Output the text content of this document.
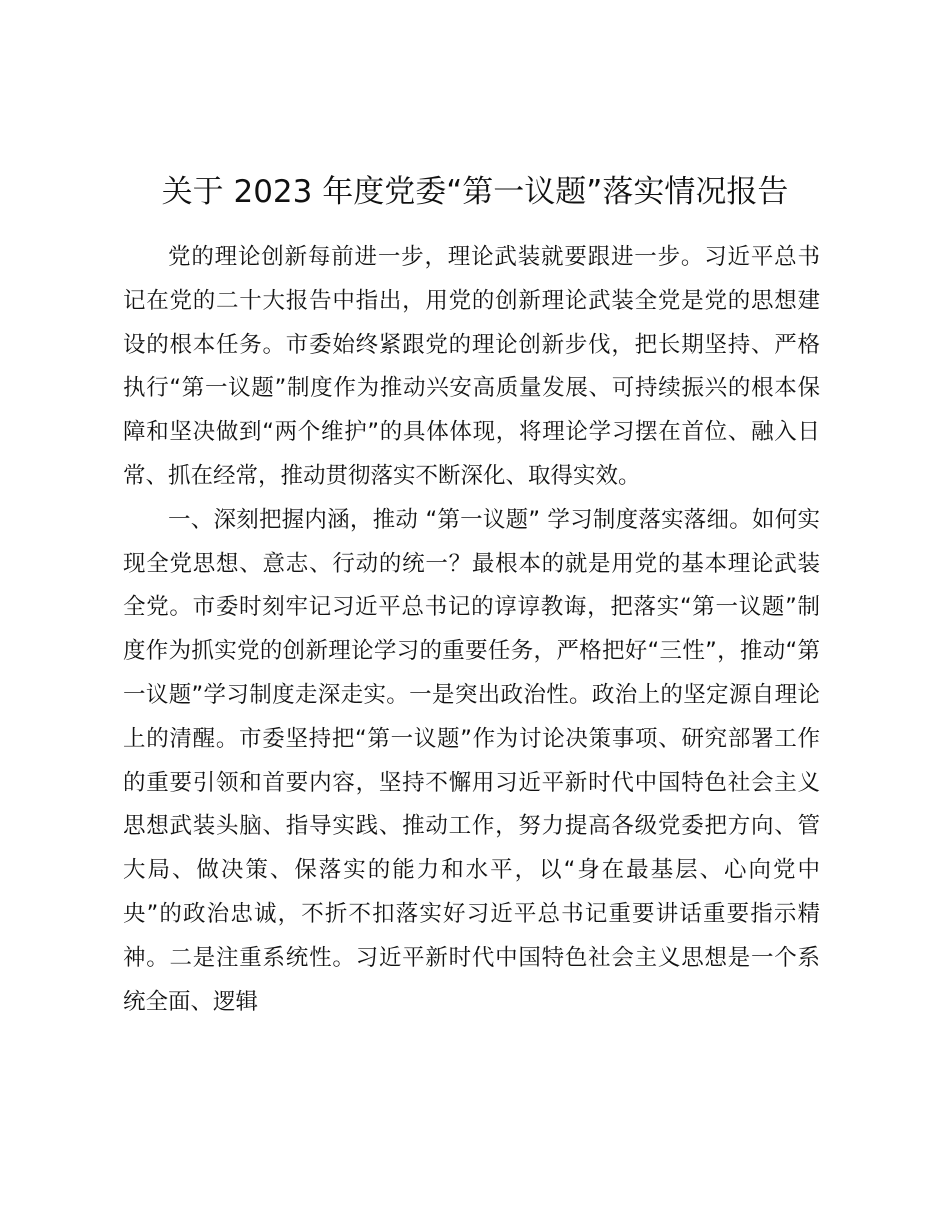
关于 2023 年度党委“第一议题”落实情况报告

党的理论创新每前进一步，理论武装就要跟进一步。习近平总书记在党的二十大报告中指出，用党的创新理论武装全党是党的思想建设的根本任务。市委始终紧跟党的理论创新步伐，把长期坚持、严格执行“第一议题”制度作为推动兴安高质量发展、可持续振兴的根本保障和坚决做到“两个维护”的具体体现，将理论学习摆在首位、融入日常、抓在经常，推动贯彻落实不断深化、取得实效。

一、深刻把握内涵，推动 “第一议题” 学习制度落实落细。如何实现全党思想、意志、行动的统一？最根本的就是用党的基本理论武装全党。市委时刻牢记习近平总书记的谆谆教诲，把落实“第一议题”制度作为抓实党的创新理论学习的重要任务，严格把好“三性”，推动“第一议题”学习制度走深走实。一是突出政治性。政治上的坚定源自理论上的清醒。市委坚持把“第一议题”作为讨论决策事项、研究部署工作的重要引领和首要内容，坚持不懈用习近平新时代中国特色社会主义思想武装头脑、指导实践、推动工作，努力提高各级党委把方向、管大局、做决策、保落实的能力和水平，以“身在最基层、心向党中央”的政治忠诚，不折不扣落实好习近平总书记重要讲话重要指示精神。二是注重系统性。习近平新时代中国特色社会主义思想是一个系统全面、逻辑
